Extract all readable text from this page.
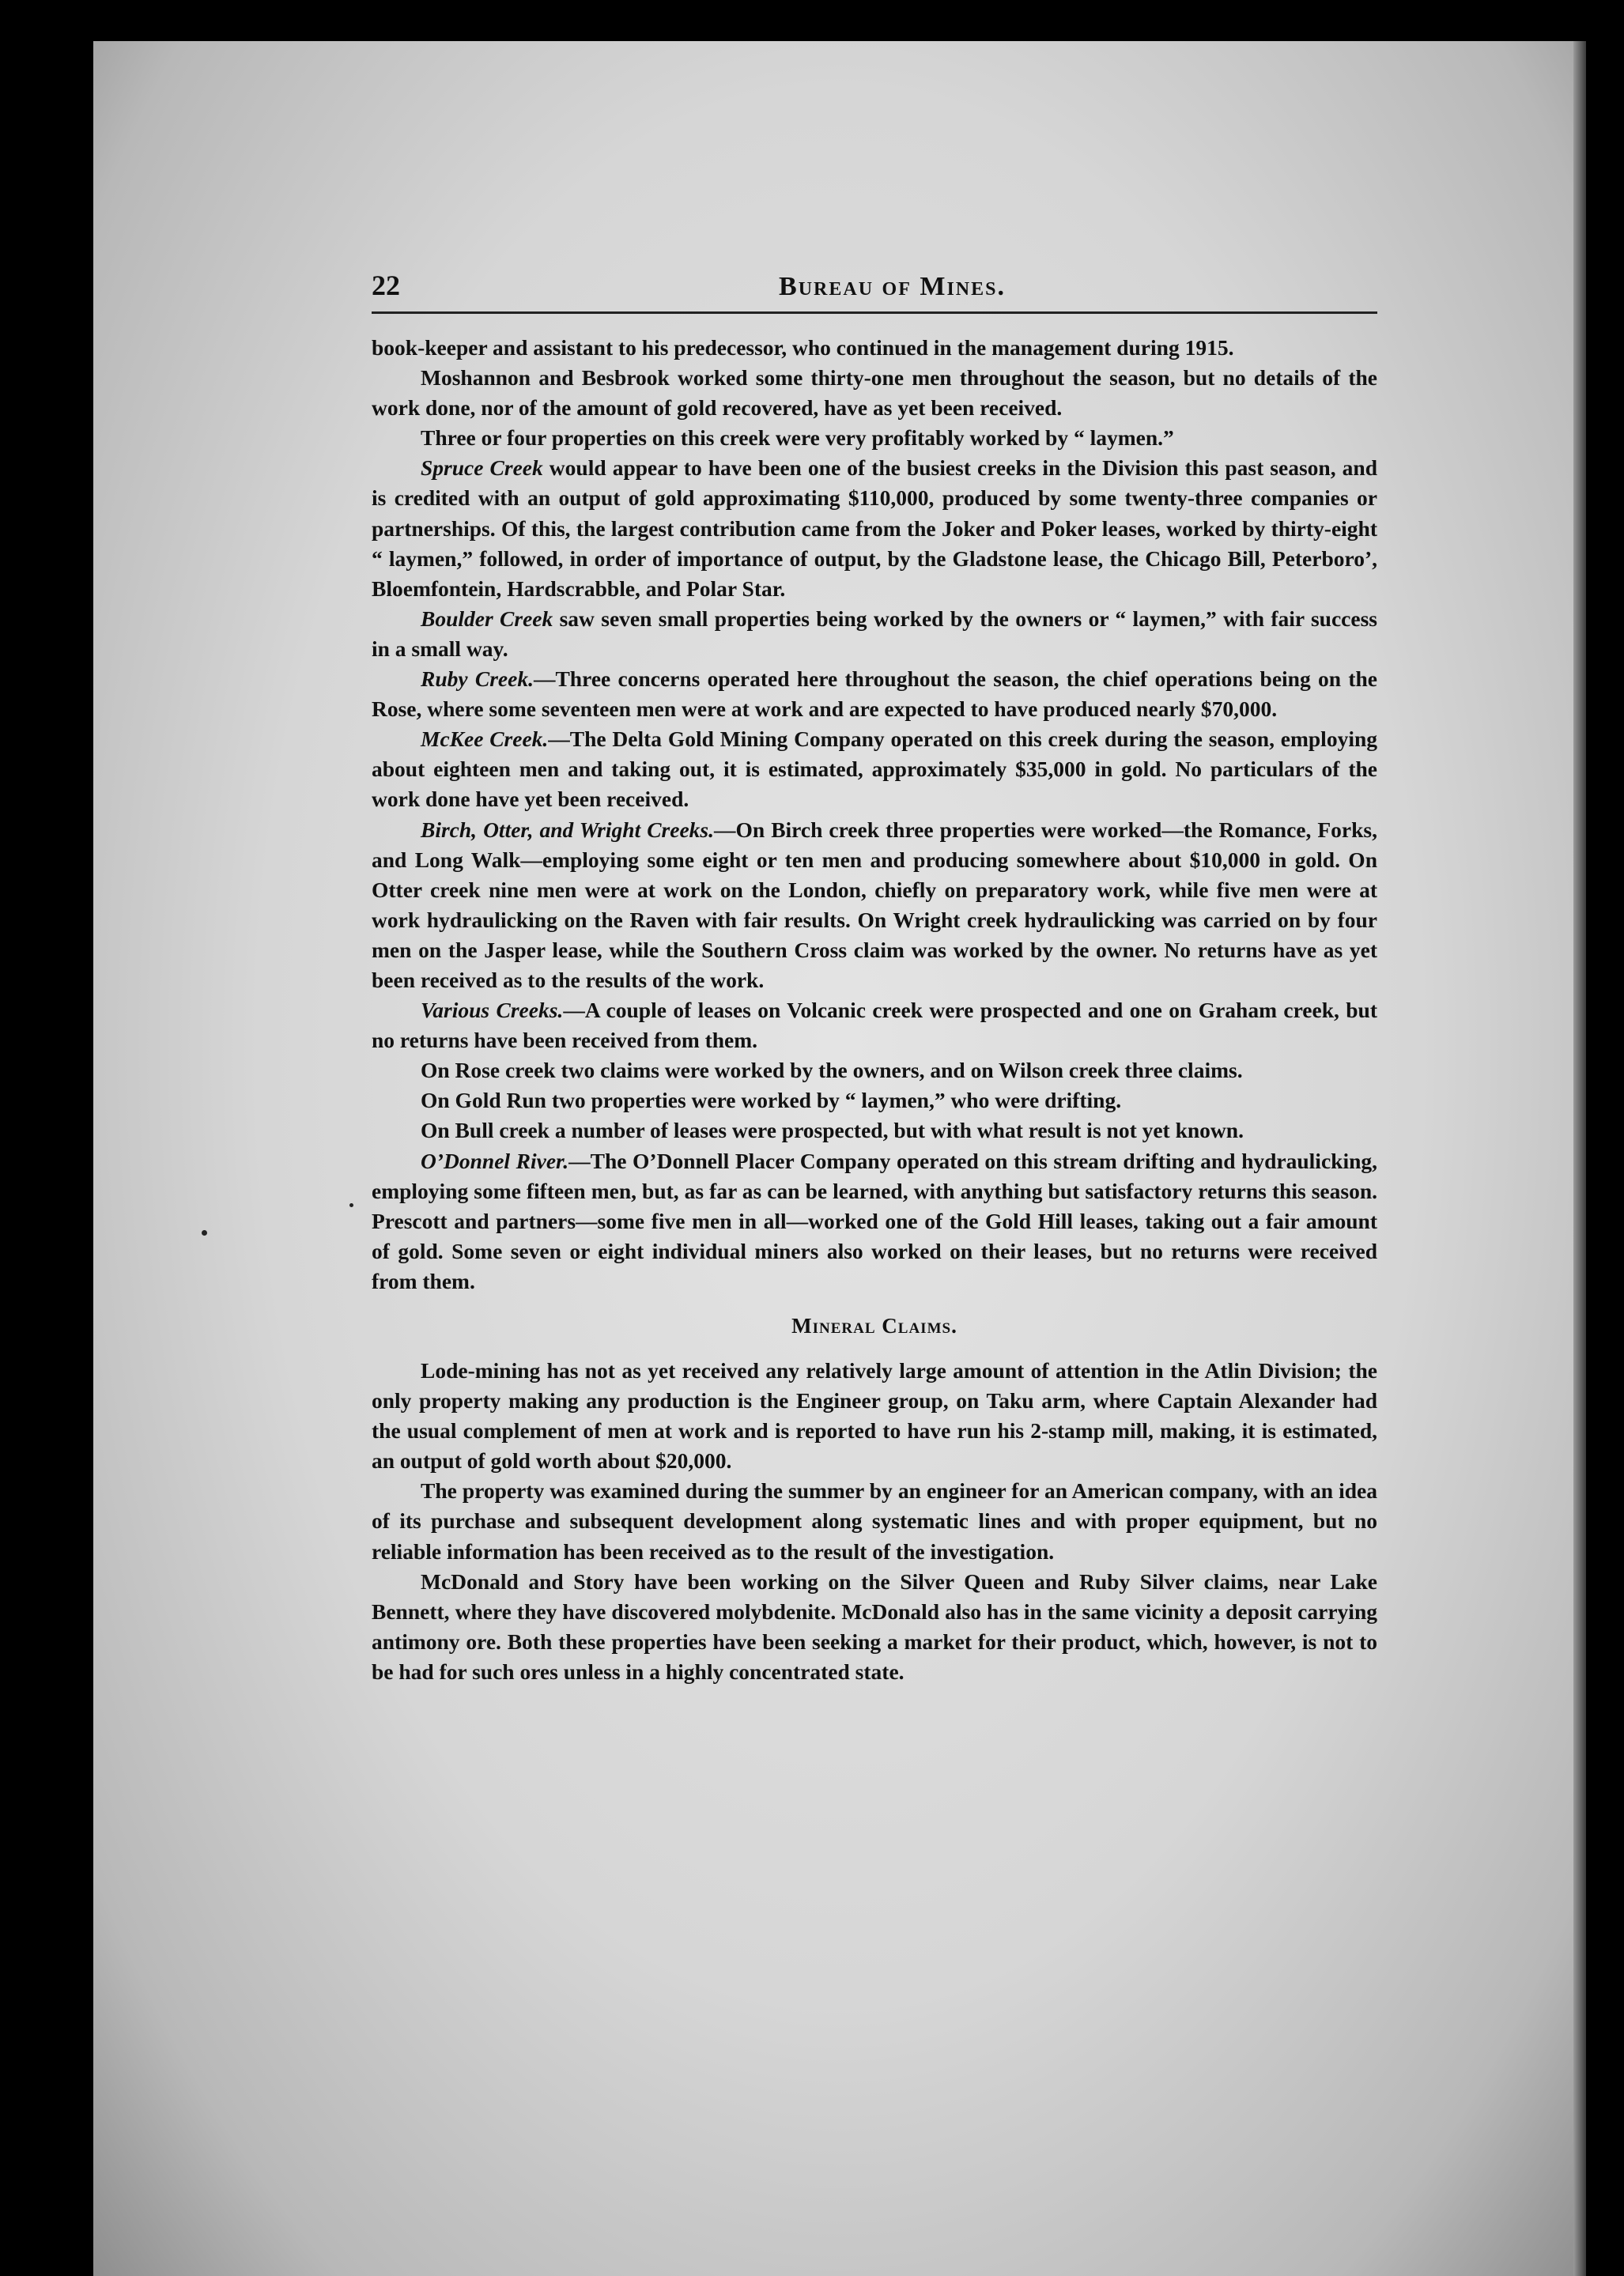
22	Bureau of Mines.

book-keeper and assistant to his predecessor, who continued in the management during 1915.

Moshannon and Besbrook worked some thirty-one men throughout the season, but no details of the work done, nor of the amount of gold recovered, have as yet been received.

Three or four properties on this creek were very profitably worked by “ laymen.”

Spruce Creek would appear to have been one of the busiest creeks in the Division this past season, and is credited with an output of gold approximating $110,000, produced by some twenty-three companies or partnerships. Of this, the largest contribution came from the Joker and Poker leases, worked by thirty-eight “ laymen,” followed, in order of importance of output, by the Gladstone lease, the Chicago Bill, Peterboro’, Bloemfontein, Hardscrabble, and Polar Star.

Boulder Creek saw seven small properties being worked by the owners or “ laymen,” with fair success in a small way.

Ruby Creek.—Three concerns operated here throughout the season, the chief operations being on the Rose, where some seventeen men were at work and are expected to have produced nearly $70,000.

McKee Creek.—The Delta Gold Mining Company operated on this creek during the season, employing about eighteen men and taking out, it is estimated, approximately $35,000 in gold. No particulars of the work done have yet been received.

Birch, Otter, and Wright Creeks.—On Birch creek three properties were worked—the Romance, Forks, and Long Walk—employing some eight or ten men and producing somewhere about $10,000 in gold. On Otter creek nine men were at work on the London, chiefly on preparatory work, while five men were at work hydraulicking on the Raven with fair results. On Wright creek hydraulicking was carried on by four men on the Jasper lease, while the Southern Cross claim was worked by the owner. No returns have as yet been received as to the results of the work.

Various Creeks.—A couple of leases on Volcanic creek were prospected and one on Graham creek, but no returns have been received from them.

On Rose creek two claims were worked by the owners, and on Wilson creek three claims.

On Gold Run two properties were worked by “ laymen,” who were drifting.

On Bull creek a number of leases were prospected, but with what result is not yet known.

O’Donnel River.—The O’Donnell Placer Company operated on this stream drifting and hydraulicking, employing some fifteen men, but, as far as can be learned, with anything but satisfactory returns this season. Prescott and partners—some five men in all—worked one of the Gold Hill leases, taking out a fair amount of gold. Some seven or eight individual miners also worked on their leases, but no returns were received from them.

Mineral Claims.

Lode-mining has not as yet received any relatively large amount of attention in the Atlin Division; the only property making any production is the Engineer group, on Taku arm, where Captain Alexander had the usual complement of men at work and is reported to have run his 2-stamp mill, making, it is estimated, an output of gold worth about $20,000.

The property was examined during the summer by an engineer for an American company, with an idea of its purchase and subsequent development along systematic lines and with proper equipment, but no reliable information has been received as to the result of the investigation.

McDonald and Story have been working on the Silver Queen and Ruby Silver claims, near Lake Bennett, where they have discovered molybdenite. McDonald also has in the same vicinity a deposit carrying antimony ore. Both these properties have been seeking a market for their product, which, however, is not to be had for such ores unless in a highly concentrated state.
